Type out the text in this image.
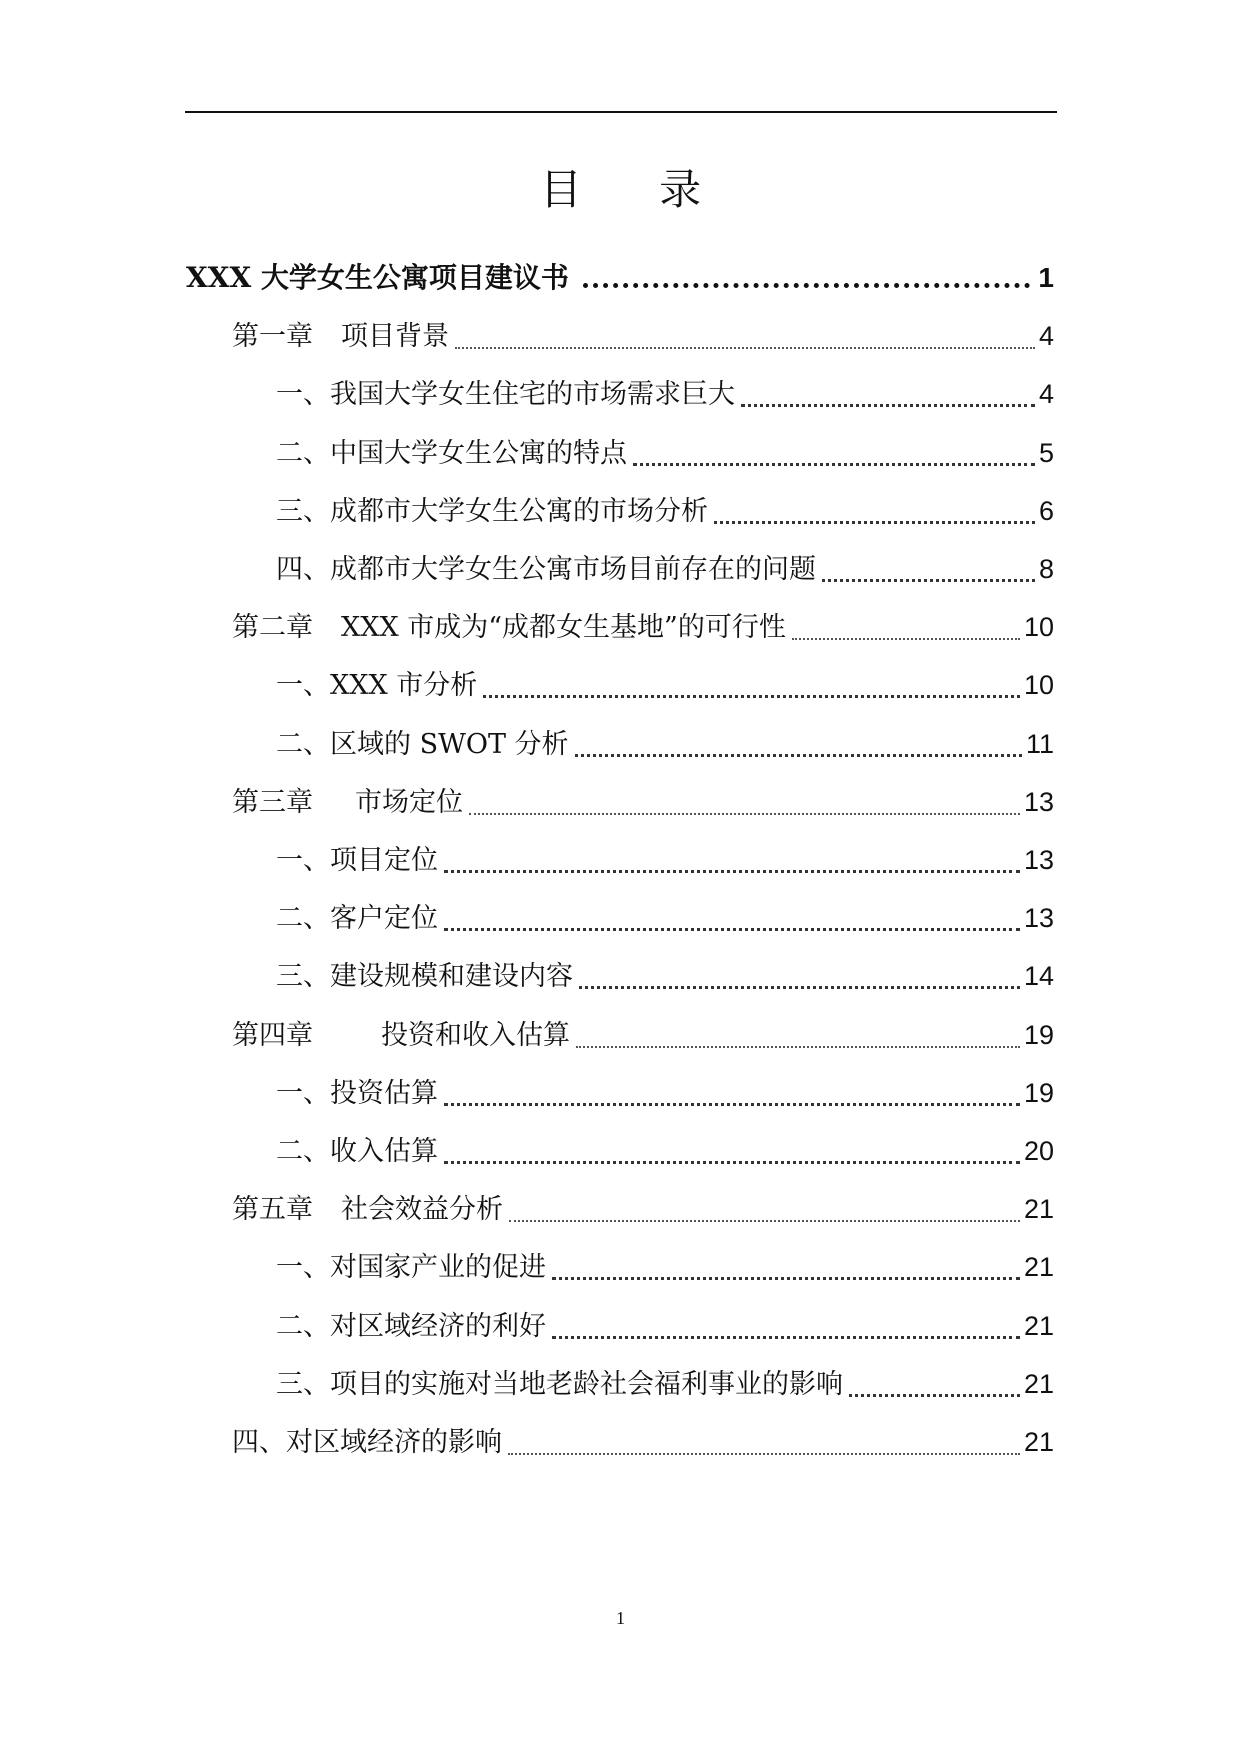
目 录
XXX 大学女生公寓项目建议书	1
第一章 项目背景	4
一、我国大学女生住宅的市场需求巨大	4
二、中国大学女生公寓的特点	5
三、成都市大学女生公寓的市场分析	6
四、成都市大学女生公寓市场目前存在的问题	8
第二章 XXX 市成为“成都女生基地”的可行性	10
一、XXX 市分析	10
二、区域的 SWOT 分析	11
第三章 市场定位	13
一、项目定位	13
二、客户定位	13
三、建设规模和建设内容	14
第四章	投资和收入估算	19
一、投资估算	19
二、收入估算	20
第五章 社会效益分析	21
一、对国家产业的促进	21
二、对区域经济的利好	21
三、项目的实施对当地老龄社会福利事业的影响	21
四、对区域经济的影响	21
1
